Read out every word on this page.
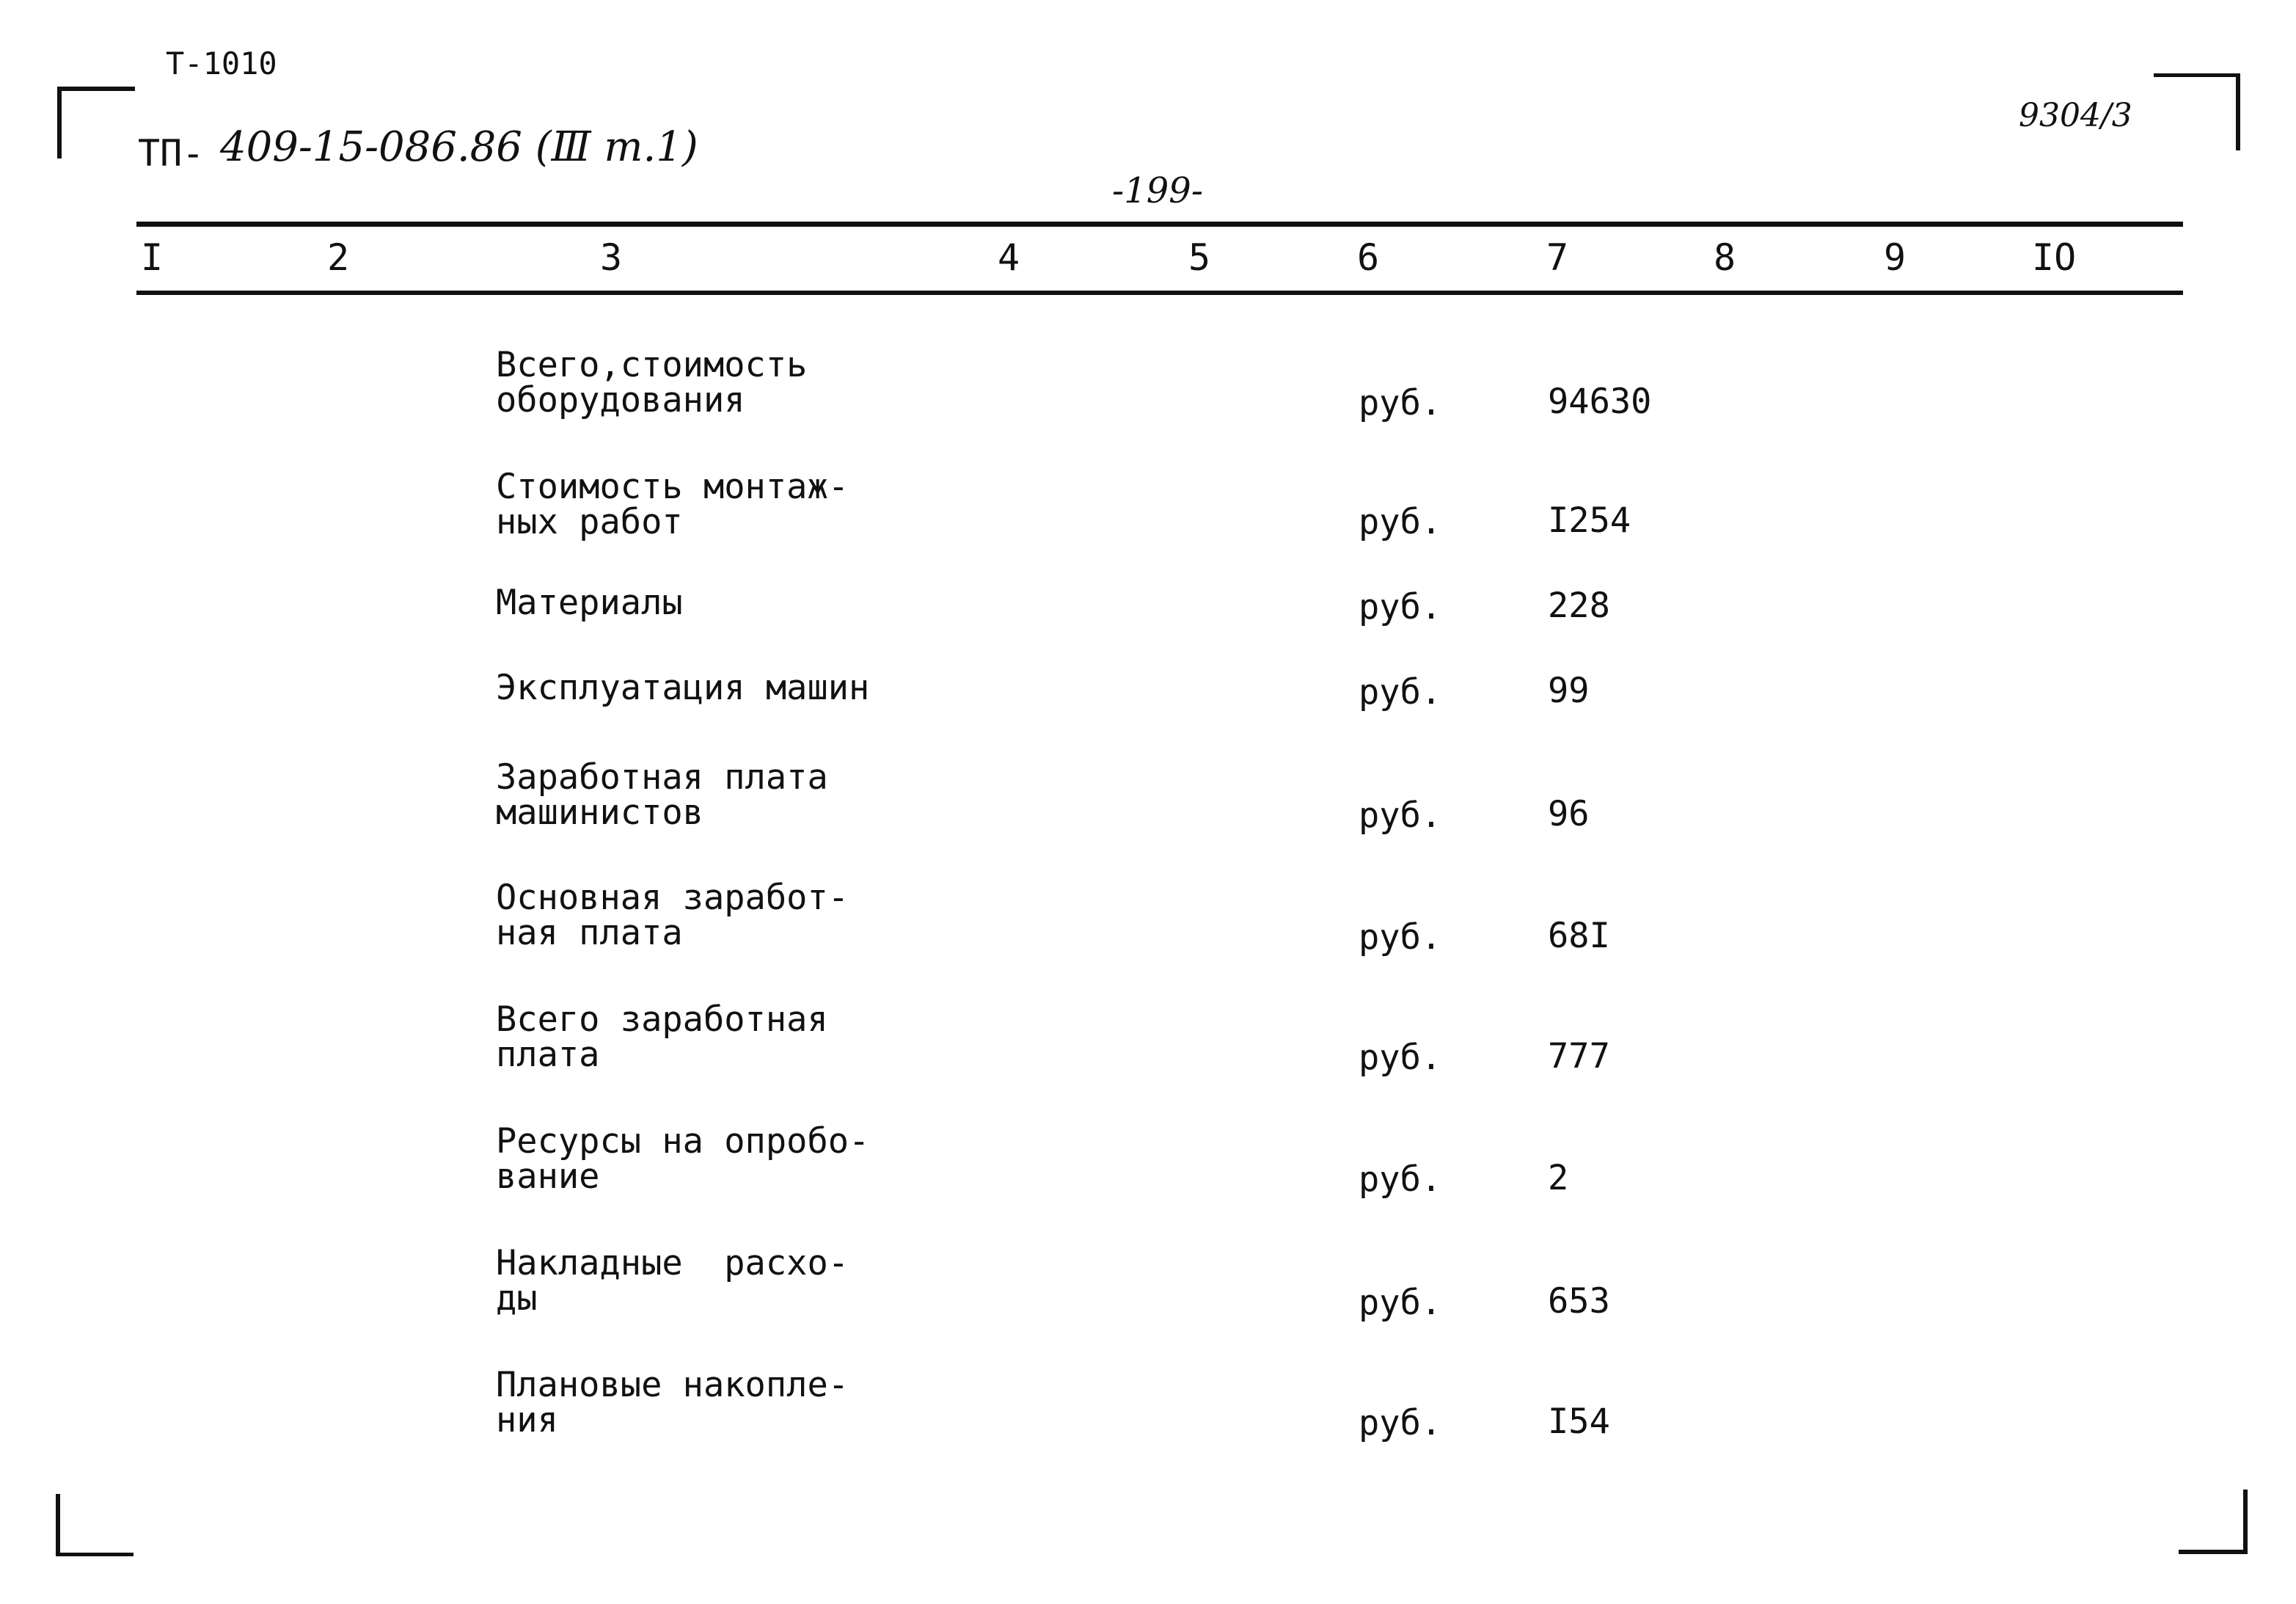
Т-1010
ТП- 409-15-086.86 (Ⅲ т.1)
9304/3
-199-
I	2	3	4	5	6	7	8	9	IO
Всего,стоимость
оборудования	руб.	94630
Стоимость монтаж-
ных работ	руб.	I254
Материалы	руб.	228
Эксплуатация машин	руб.	99
Заработная плата
машинистов	руб.	96
Основная заработ-
ная плата	руб.	68I
Всего заработная
плата	руб.	777
Ресурсы на опробо-
вание	руб.	2
Накладные  расхо-
ды	руб.	653
Плановые накопле-
ния	руб.	I54
